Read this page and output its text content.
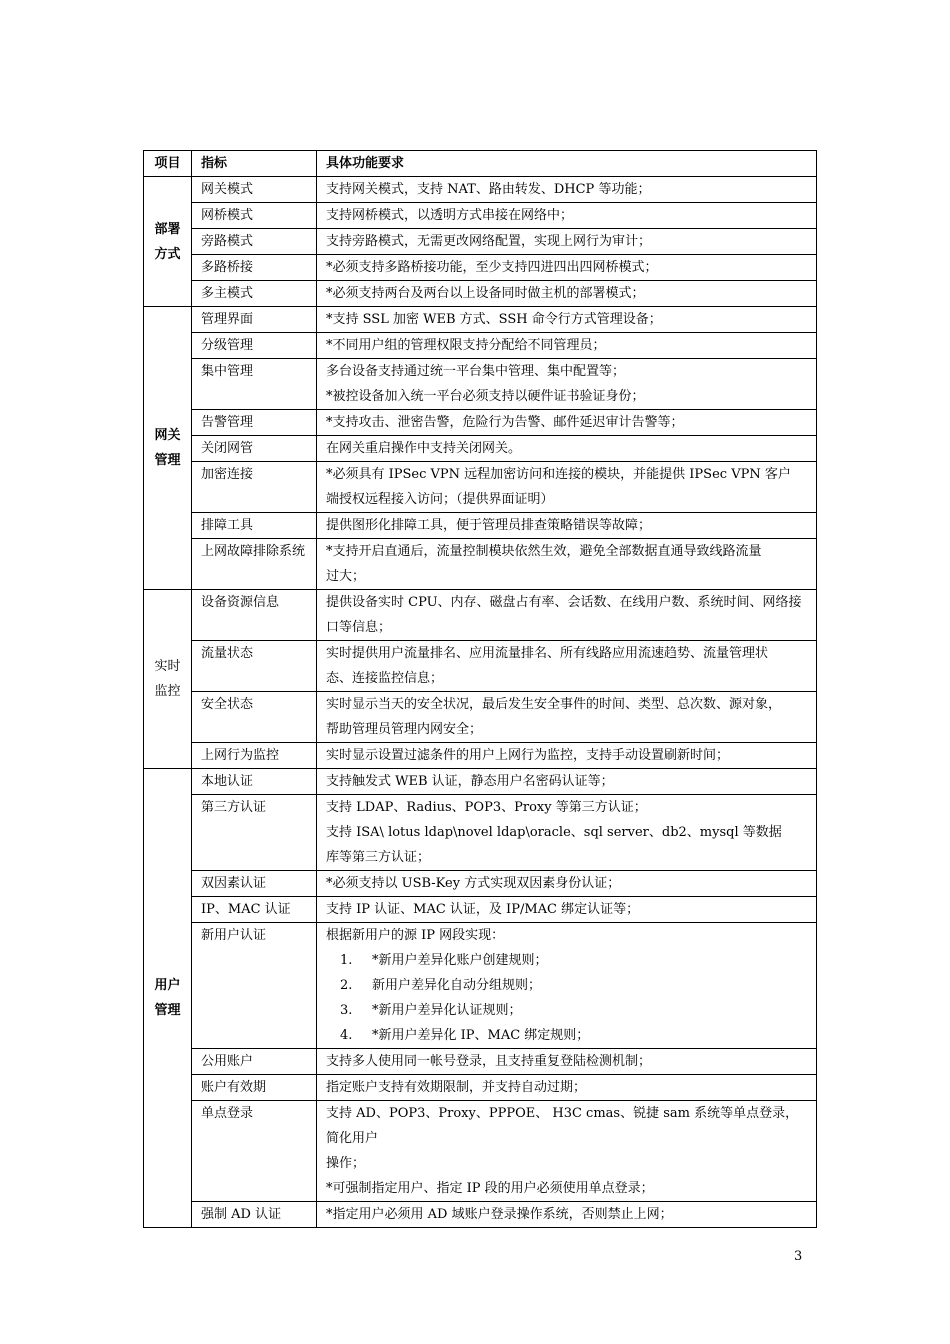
项目	指标	具体功能要求

部署
方式	网关模式	支持网关模式，支持 NAT、路由转发、DHCP 等功能；

	网桥模式	支持网桥模式，以透明方式串接在网络中；

	旁路模式	支持旁路模式，无需更改网络配置，实现上网行为审计；

	多路桥接	*必须支持多路桥接功能，至少支持四进四出四网桥模式；

	多主模式	*必须支持两台及两台以上设备同时做主机的部署模式；

网关
管理	管理界面	*支持 SSL 加密 WEB 方式、SSH 命令行方式管理设备；

	分级管理	*不同用户组的管理权限支持分配给不同管理员；

	集中管理	多台设备支持通过统一平台集中管理、集中配置等；
*被控设备加入统一平台必须支持以硬件证书验证身份；

	告警管理	*支持攻击、泄密告警，危险行为告警、邮件延迟审计告警等；

	关闭网管	在网关重启操作中支持关闭网关。

	加密连接	*必须具有 IPSec VPN 远程加密访问和连接的模块，并能提供 IPSec VPN 客户
端授权远程接入访问；（提供界面证明）

	排障工具	提供图形化排障工具，便于管理员排查策略错误等故障；

	上网故障排除系统	*支持开启直通后，流量控制模块依然生效，避免全部数据直通导致线路流量
过大；

实时
监控	设备资源信息	提供设备实时 CPU、内存、磁盘占有率、会话数、在线用户数、系统时间、网络接
口等信息；

	流量状态	实时提供用户流量排名、应用流量排名、所有线路应用流速趋势、流量管理状
态、连接监控信息；

	安全状态	实时显示当天的安全状况，最后发生安全事件的时间、类型、总次数、源对象，
帮助管理员管理内网安全；

	上网行为监控	实时显示设置过滤条件的用户上网行为监控，支持手动设置刷新时间；

用户
管理	本地认证	支持触发式 WEB 认证，静态用户名密码认证等；

	第三方认证	支持 LDAP、Radius、POP3、Proxy 等第三方认证；
支持 ISA\ lotus ldap\novel ldap\oracle、sql server、db2、mysql 等数据
库等第三方认证；

	双因素认证	*必须支持以 USB-Key 方式实现双因素身份认证；

	IP、MAC 认证	支持 IP 认证、MAC 认证，及 IP/MAC 绑定认证等；

	新用户认证	根据新用户的源 IP 网段实现：
1. *新用户差异化账户创建规则；
2. 新用户差异化自动分组规则；
3. *新用户差异化认证规则；
4. *新用户差异化 IP、MAC 绑定规则；

	公用账户	支持多人使用同一帐号登录，且支持重复登陆检测机制；

	账户有效期	指定账户支持有效期限制，并支持自动过期；

	单点登录	支持 AD、POP3、Proxy、PPPOE、 H3C cmas、锐捷 sam 系统等单点登录，简化用户
操作；
*可强制指定用户、指定 IP 段的用户必须使用单点登录；

	强制 AD 认证	*指定用户必须用 AD 域账户登录操作系统，否则禁止上网；
3
